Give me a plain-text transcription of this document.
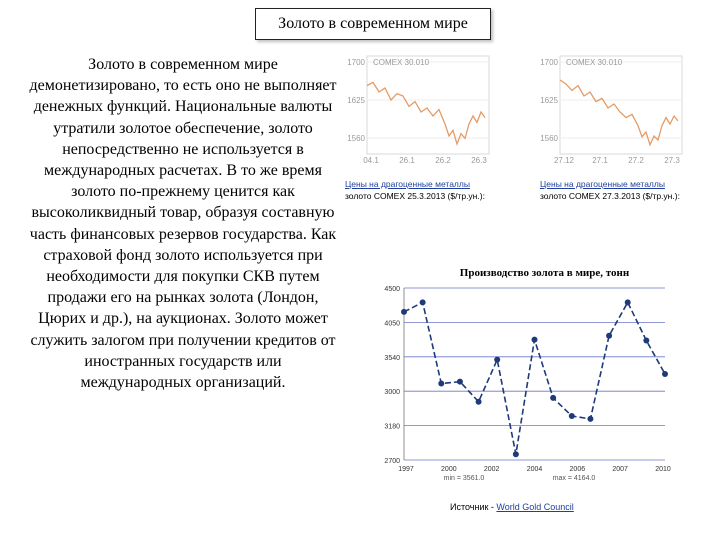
Золото в современном мире
Золото в современном мире демонетизировано, то есть оно не выполняет денежных функций. Национальные валюты утратили золотое обеспечение, золото непосредственно не используется в международных расчетах. В то же время золото по-прежнему ценится как высоколиквидный товар, образуя составную часть финансовых резервов государства. Как страховой фонд золото используется при необходимости для покупки СКВ путем продажи его на рынках золота (Лондон, Цюрих и др.), на аукционах. Золото может служить залогом при получении кредитов от иностранных государств или международных организаций.
1700
1625
1560
04.1	26.1	26.2	26.3
COMEX 30.010
Цены на драгоценные металлы
золото COMEX 25.3.2013 ($/тр.ун.):
1700
1625
1560
27.12 27.1	27.2	27.3
COMEX 30.010
Цены на драгоценные металлы
золото COMEX 27.3.2013 ($/тр.ун.):
Производство золота в мире, тонн
4500
4050
3540
3000
3180
2700
1997	2000	2002	2004	2006	2007	2010
min = 3561,0	max = 4164,0
Источник - World Gold Council
